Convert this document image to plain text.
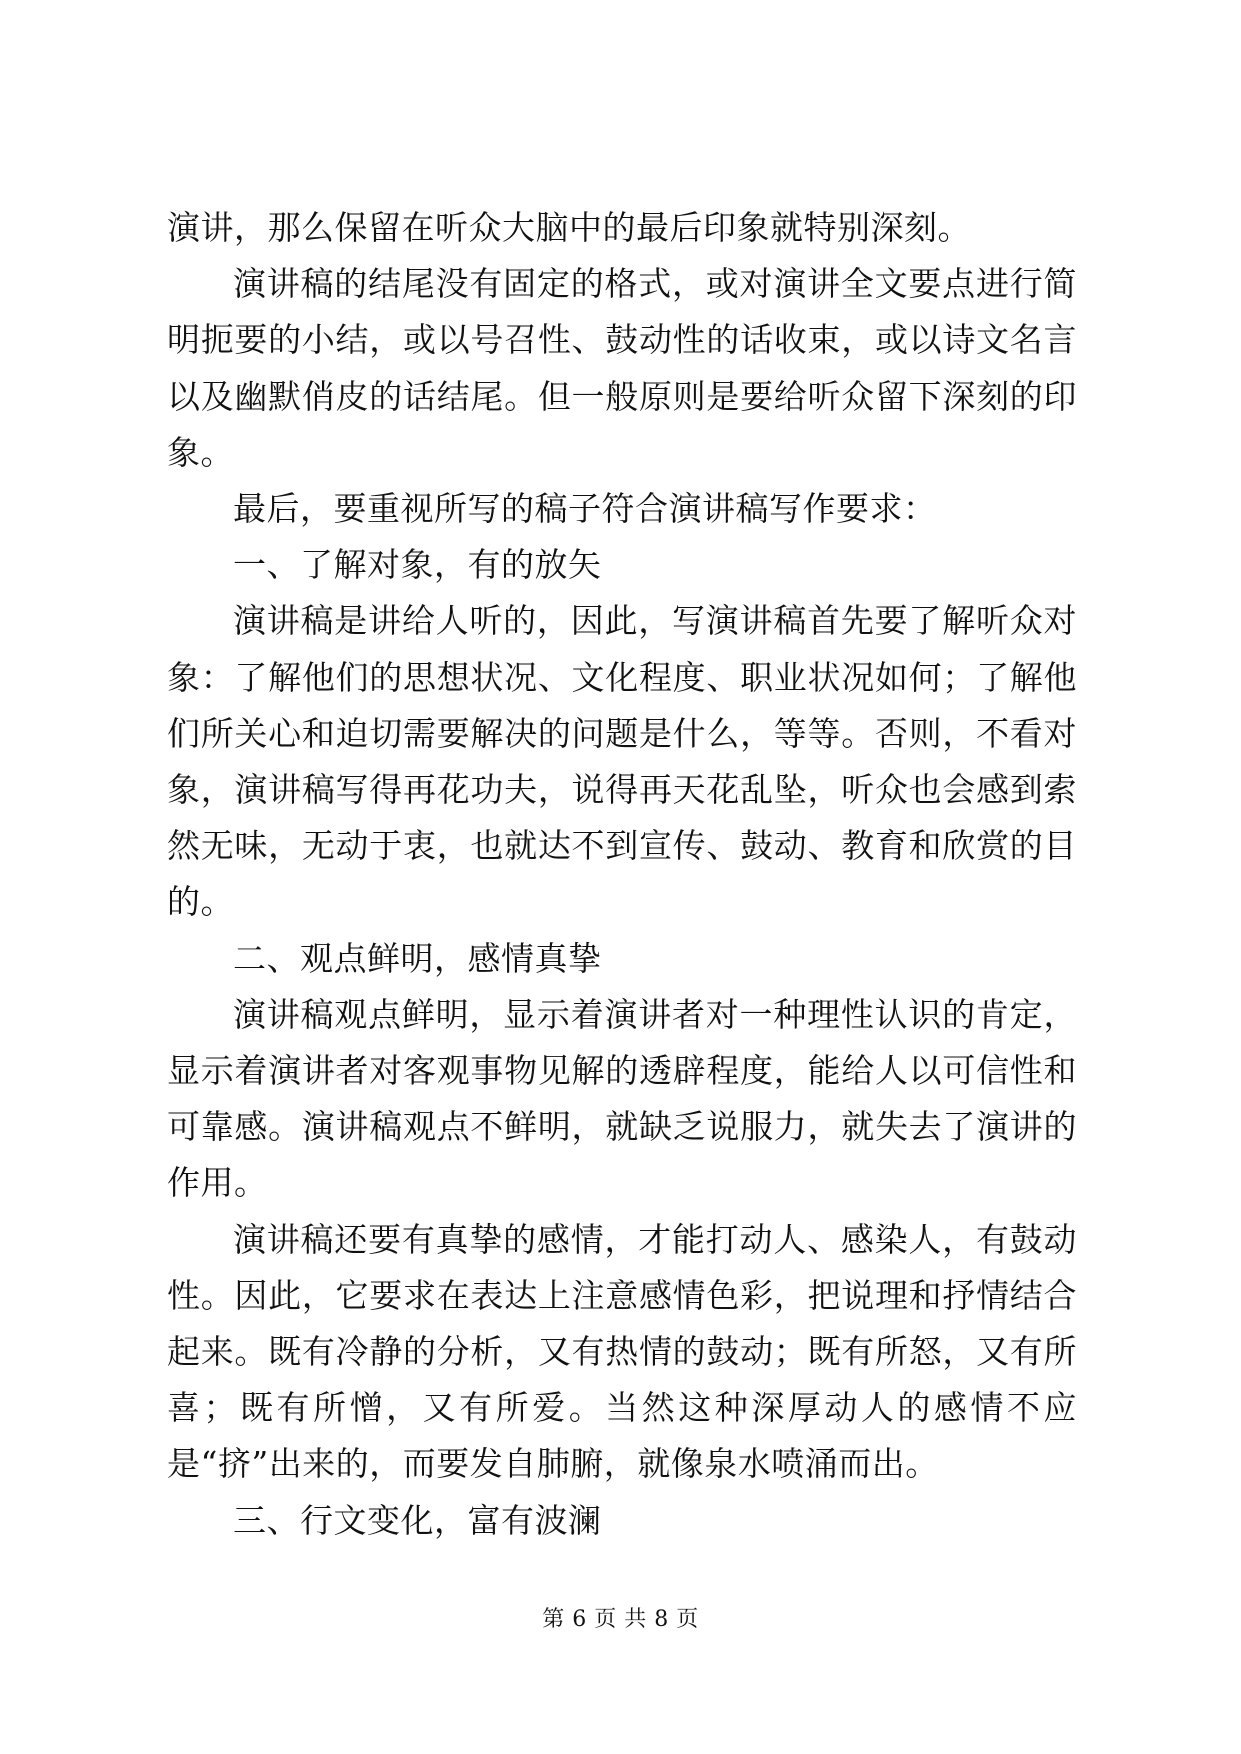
演讲，那么保留在听众大脑中的最后印象就特别深刻。

演讲稿的结尾没有固定的格式，或对演讲全文要点进行简明扼要的小结，或以号召性、鼓动性的话收束，或以诗文名言以及幽默俏皮的话结尾。但一般原则是要给听众留下深刻的印象。

最后，要重视所写的稿子符合演讲稿写作要求：

一、了解对象，有的放矢

演讲稿是讲给人听的，因此，写演讲稿首先要了解听众对象：了解他们的思想状况、文化程度、职业状况如何；了解他们所关心和迫切需要解决的问题是什么，等等。否则，不看对象，演讲稿写得再花功夫，说得再天花乱坠，听众也会感到索然无味，无动于衷，也就达不到宣传、鼓动、教育和欣赏的目的。

二、观点鲜明，感情真挚

演讲稿观点鲜明，显示着演讲者对一种理性认识的肯定，显示着演讲者对客观事物见解的透辟程度，能给人以可信性和可靠感。演讲稿观点不鲜明，就缺乏说服力，就失去了演讲的作用。

演讲稿还要有真挚的感情，才能打动人、感染人，有鼓动性。因此，它要求在表达上注意感情色彩，把说理和抒情结合起来。既有冷静的分析，又有热情的鼓动；既有所怒，又有所喜；既有所憎，又有所爱。当然这种深厚动人的感情不应是“挤”出来的，而要发自肺腑，就像泉水喷涌而出。

三、行文变化，富有波澜

第 6 页 共 8 页
